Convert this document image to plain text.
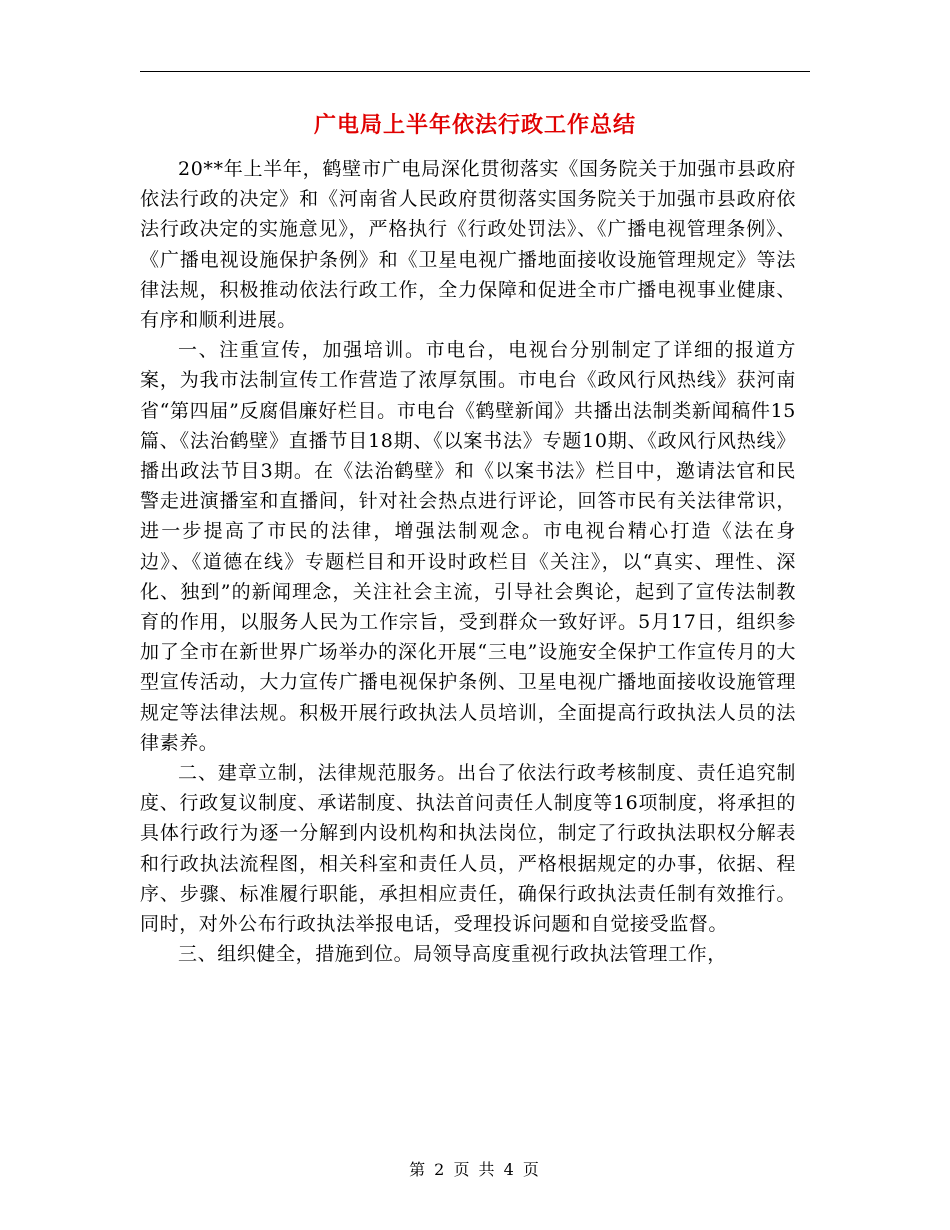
广电局上半年依法行政工作总结

20**年上半年，鹤壁市广电局深化贯彻落实《国务院关于加强市县政府依法行政的决定》和《河南省人民政府贯彻落实国务院关于加强市县政府依法行政决定的实施意见》，严格执行《行政处罚法》、《广播电视管理条例》、《广播电视设施保护条例》和《卫星电视广播地面接收设施管理规定》等法律法规，积极推动依法行政工作，全力保障和促进全市广播电视事业健康、有序和顺利进展。

一、注重宣传，加强培训。市电台，电视台分别制定了详细的报道方案，为我市法制宣传工作营造了浓厚氛围。市电台《政风行风热线》获河南省“第四届”反腐倡廉好栏目。市电台《鹤壁新闻》共播出法制类新闻稿件15篇、《法治鹤壁》直播节目18期、《以案书法》专题10期、《政风行风热线》播出政法节目3期。在《法治鹤壁》和《以案书法》栏目中，邀请法官和民警走进演播室和直播间，针对社会热点进行评论，回答市民有关法律常识，进一步提高了市民的法律，增强法制观念。市电视台精心打造《法在身边》、《道德在线》专题栏目和开设时政栏目《关注》，以“真实、理性、深化、独到”的新闻理念，关注社会主流，引导社会舆论，起到了宣传法制教育的作用，以服务人民为工作宗旨，受到群众一致好评。5月17日，组织参加了全市在新世界广场举办的深化开展“三电”设施安全保护工作宣传月的大型宣传活动，大力宣传广播电视保护条例、卫星电视广播地面接收设施管理规定等法律法规。积极开展行政执法人员培训，全面提高行政执法人员的法律素养。

二、建章立制，法律规范服务。出台了依法行政考核制度、责任追究制度、行政复议制度、承诺制度、执法首问责任人制度等16项制度，将承担的具体行政行为逐一分解到内设机构和执法岗位，制定了行政执法职权分解表和行政执法流程图，相关科室和责任人员，严格根据规定的办事，依据、程序、步骤、标准履行职能，承担相应责任，确保行政执法责任制有效推行。同时，对外公布行政执法举报电话，受理投诉问题和自觉接受监督。

三、组织健全，措施到位。局领导高度重视行政执法管理工作，

第 2 页 共 4 页
